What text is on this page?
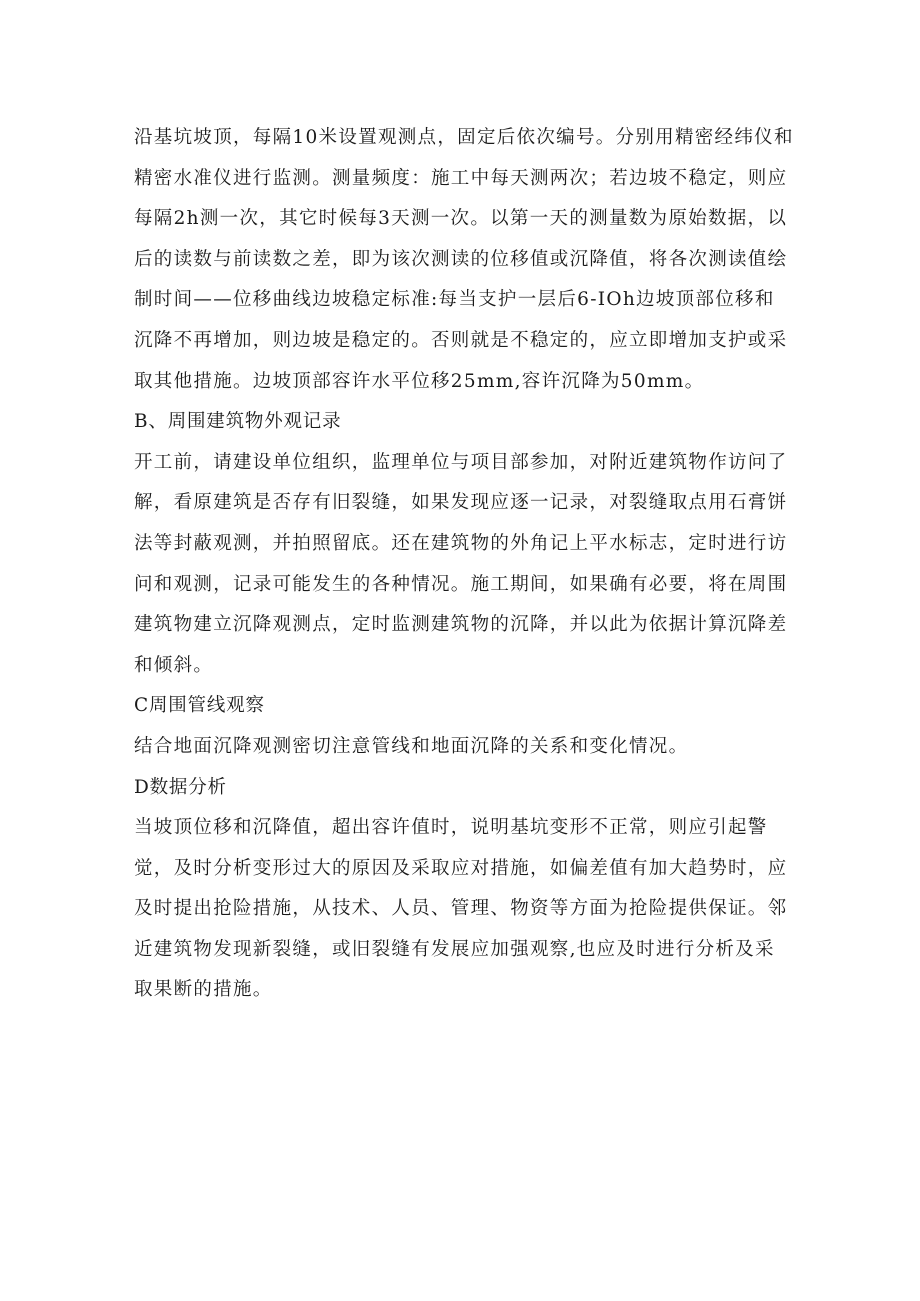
沿基坑坡顶，每隔10米设置观测点，固定后依次编号。分别用精密经纬仪和精密水准仪进行监测。测量频度：施工中每天测两次；若边坡不稳定，则应每隔2h测一次，其它时候每3天测一次。以第一天的测量数为原始数据，以后的读数与前读数之差，即为该次测读的位移值或沉降值，将各次测读值绘制时间——位移曲线边坡稳定标准:每当支护一层后6-IOh边坡顶部位移和沉降不再增加，则边坡是稳定的。否则就是不稳定的，应立即增加支护或采取其他措施。边坡顶部容许水平位移25mm,容许沉降为50mm。

B、周围建筑物外观记录

开工前，请建设单位组织，监理单位与项目部参加，对附近建筑物作访问了解，看原建筑是否存有旧裂缝，如果发现应逐一记录，对裂缝取点用石膏饼法等封蔽观测，并拍照留底。还在建筑物的外角记上平水标志，定时进行访问和观测，记录可能发生的各种情况。施工期间，如果确有必要，将在周围建筑物建立沉降观测点，定时监测建筑物的沉降，并以此为依据计算沉降差和倾斜。

C周围管线观察

结合地面沉降观测密切注意管线和地面沉降的关系和变化情况。

D数据分析

当坡顶位移和沉降值，超出容许值时，说明基坑变形不正常，则应引起警觉，及时分析变形过大的原因及采取应对措施，如偏差值有加大趋势时，应及时提出抢险措施，从技术、人员、管理、物资等方面为抢险提供保证。邻近建筑物发现新裂缝，或旧裂缝有发展应加强观察,也应及时进行分析及采取果断的措施。
